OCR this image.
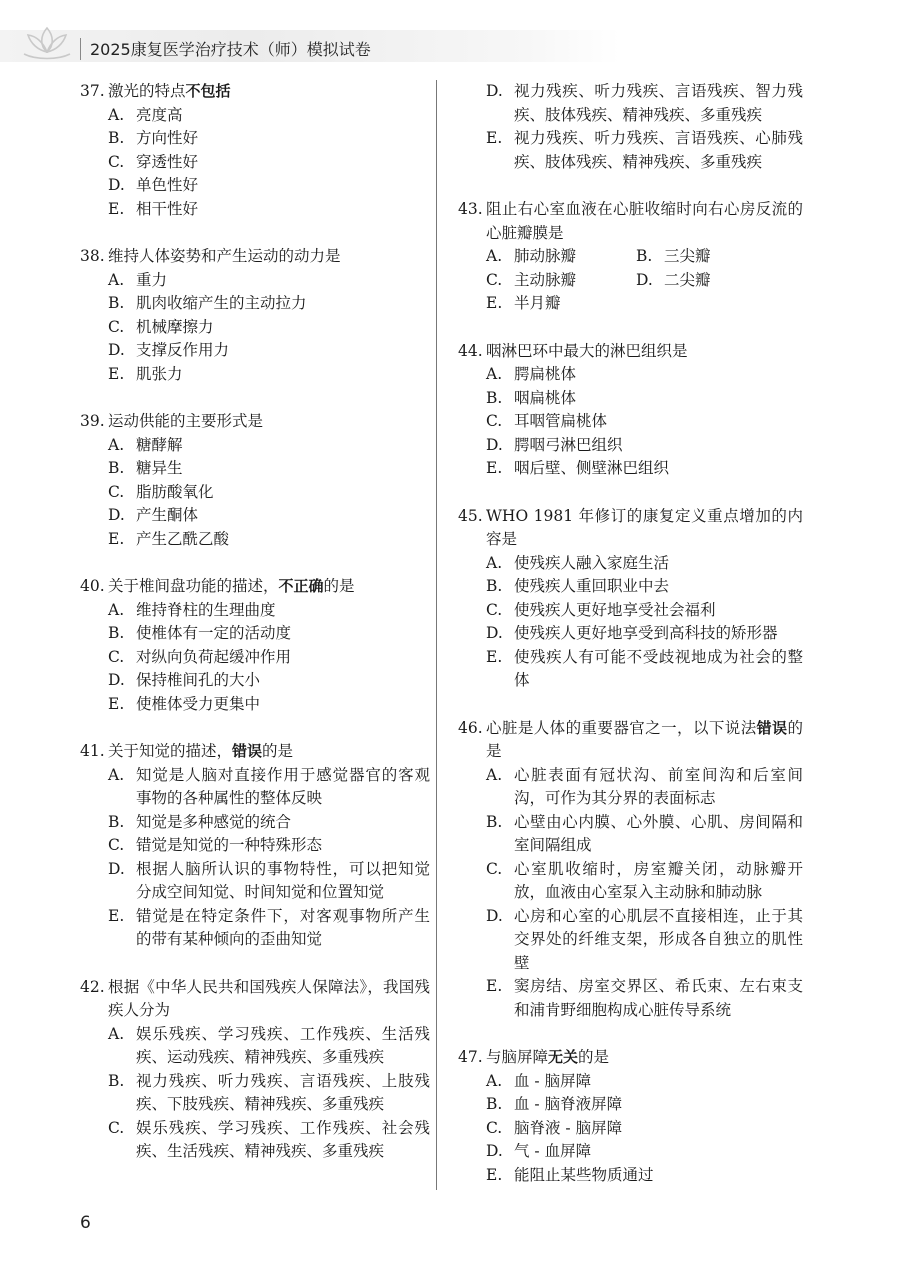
2025康复医学治疗技术（师）模拟试卷
37. 激光的特点不包括
A. 亮度高
B. 方向性好
C. 穿透性好
D. 单色性好
E. 相干性好
38. 维持人体姿势和产生运动的动力是
A. 重力
B. 肌肉收缩产生的主动拉力
C. 机械摩擦力
D. 支撑反作用力
E. 肌张力
39. 运动供能的主要形式是
A. 糖酵解
B. 糖异生
C. 脂肪酸氧化
D. 产生酮体
E. 产生乙酰乙酸
40. 关于椎间盘功能的描述，不正确的是
A. 维持脊柱的生理曲度
B. 使椎体有一定的活动度
C. 对纵向负荷起缓冲作用
D. 保持椎间孔的大小
E. 使椎体受力更集中
41. 关于知觉的描述，错误的是
A. 知觉是人脑对直接作用于感觉器官的客观事物的各种属性的整体反映
B. 知觉是多种感觉的统合
C. 错觉是知觉的一种特殊形态
D. 根据人脑所认识的事物特性，可以把知觉分成空间知觉、时间知觉和位置知觉
E. 错觉是在特定条件下，对客观事物所产生的带有某种倾向的歪曲知觉
42. 根据《中华人民共和国残疾人保障法》，我国残疾人分为
A. 娱乐残疾、学习残疾、工作残疾、生活残疾、运动残疾、精神残疾、多重残疾
B. 视力残疾、听力残疾、言语残疾、上肢残疾、下肢残疾、精神残疾、多重残疾
C. 娱乐残疾、学习残疾、工作残疾、社会残疾、生活残疾、精神残疾、多重残疾
D. 视力残疾、听力残疾、言语残疾、智力残疾、肢体残疾、精神残疾、多重残疾
E. 视力残疾、听力残疾、言语残疾、心肺残疾、肢体残疾、精神残疾、多重残疾
43. 阻止右心室血液在心脏收缩时向右心房反流的心脏瓣膜是
A. 肺动脉瓣	B. 三尖瓣
C. 主动脉瓣	D. 二尖瓣
E. 半月瓣
44. 咽淋巴环中最大的淋巴组织是
A. 腭扁桃体
B. 咽扁桃体
C. 耳咽管扁桃体
D. 腭咽弓淋巴组织
E. 咽后壁、侧壁淋巴组织
45. WHO 1981 年修订的康复定义重点增加的内容是
A. 使残疾人融入家庭生活
B. 使残疾人重回职业中去
C. 使残疾人更好地享受社会福利
D. 使残疾人更好地享受到高科技的矫形器
E. 使残疾人有可能不受歧视地成为社会的整体
46. 心脏是人体的重要器官之一，以下说法错误的是
A. 心脏表面有冠状沟、前室间沟和后室间沟，可作为其分界的表面标志
B. 心壁由心内膜、心外膜、心肌、房间隔和室间隔组成
C. 心室肌收缩时，房室瓣关闭，动脉瓣开放，血液由心室泵入主动脉和肺动脉
D. 心房和心室的心肌层不直接相连，止于其交界处的纤维支架，形成各自独立的肌性壁
E. 窦房结、房室交界区、希氏束、左右束支和浦肯野细胞构成心脏传导系统
47. 与脑屏障无关的是
A. 血 - 脑屏障
B. 血 - 脑脊液屏障
C. 脑脊液 - 脑屏障
D. 气 - 血屏障
E. 能阻止某些物质通过
6
